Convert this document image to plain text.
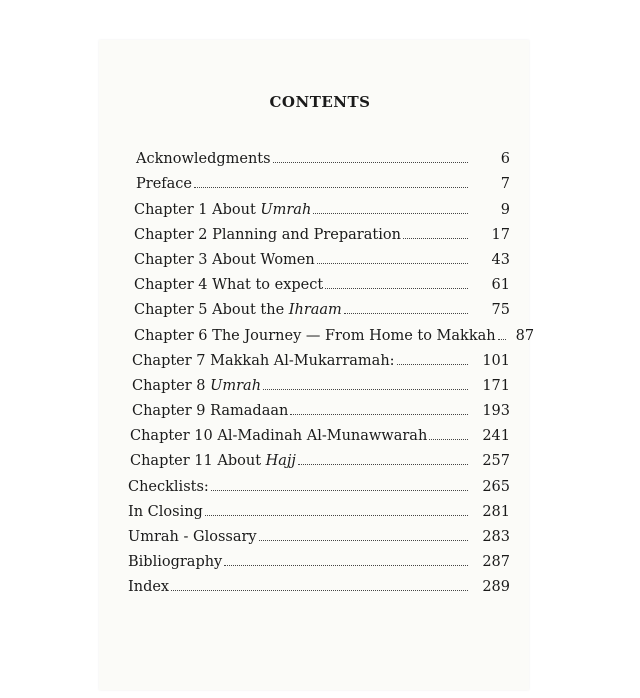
CONTENTS
Acknowledgments	6
Preface	7
Chapter 1 About Umrah	9
Chapter 2 Planning and Preparation	17
Chapter 3 About Women	43
Chapter 4 What to expect	61
Chapter 5 About the Ihraam	75
Chapter 6 The Journey — From Home to Makkah 87
Chapter 7 Makkah Al-Mukarramah:	101
Chapter 8 Umrah	171
Chapter 9 Ramadaan	193
Chapter 10 Al-Madinah Al-Munawwarah	241
Chapter 11 About Hajj	257
Checklists:	265
In Closing	281
Umrah - Glossary	283
Bibliography	287
Index	289
